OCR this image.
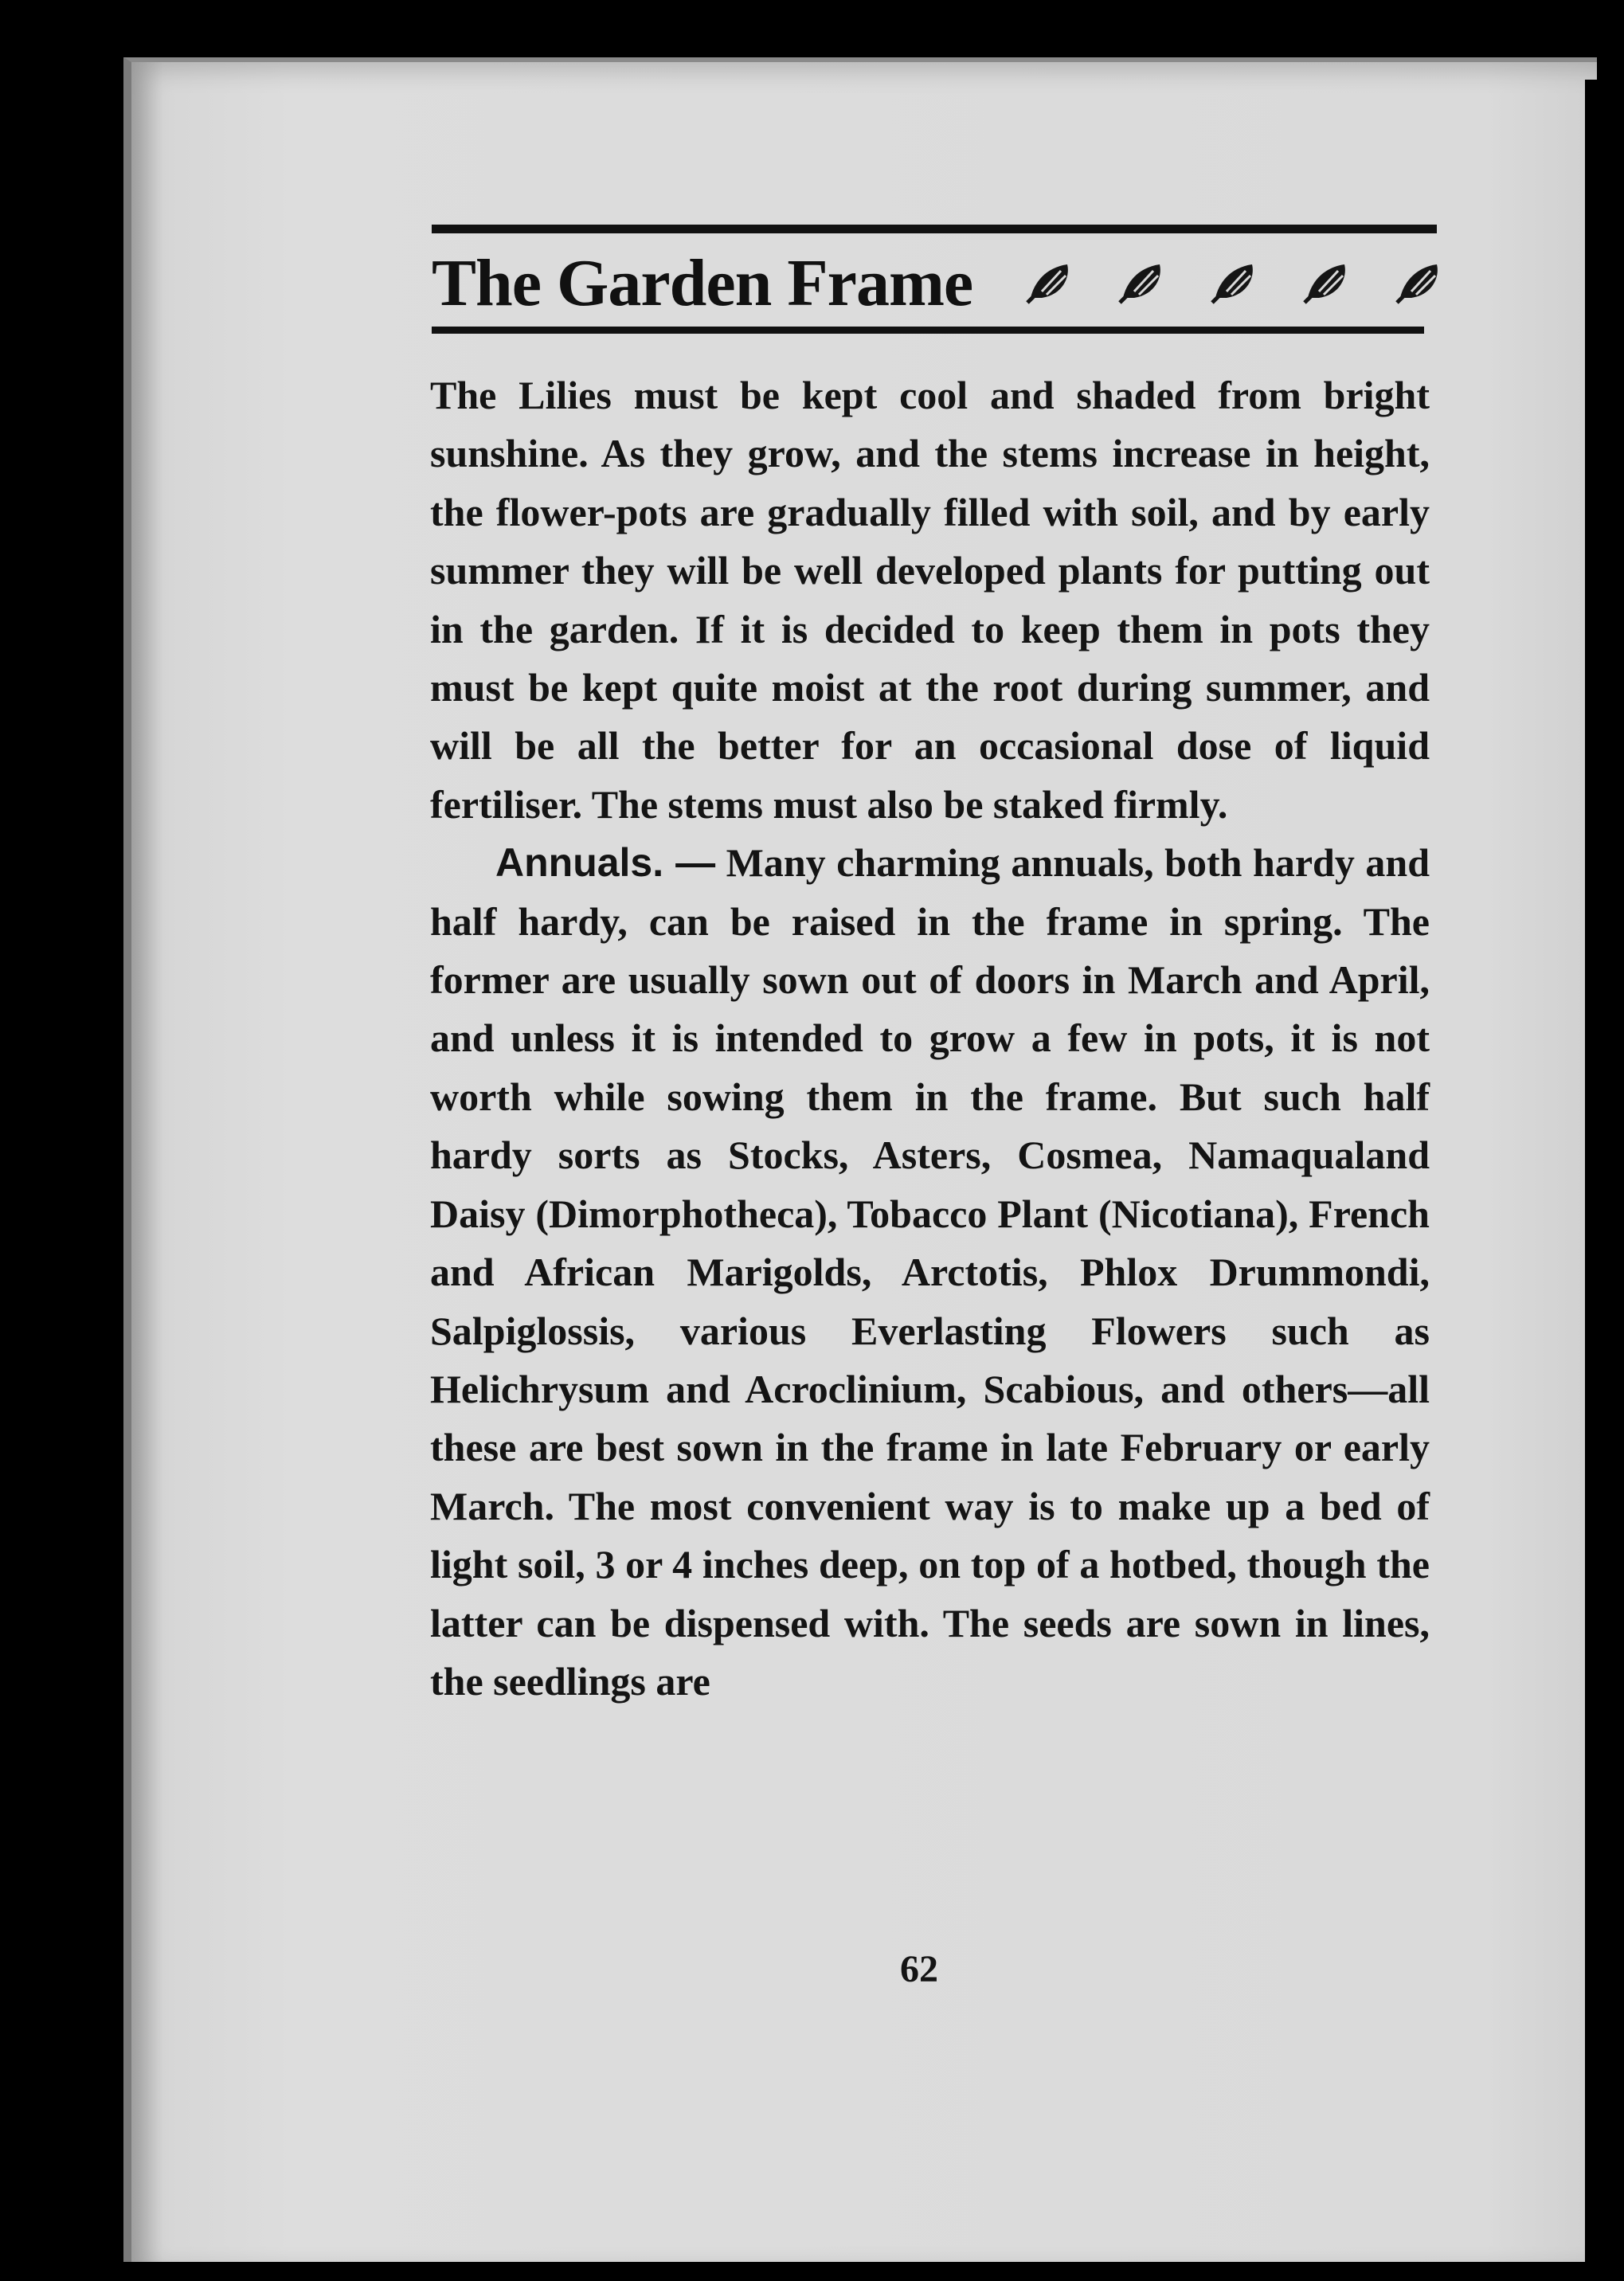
The Garden Frame

The Lilies must be kept cool and shaded from bright sunshine. As they grow, and the stems increase in height, the flower-pots are gradually filled with soil, and by early summer they will be well developed plants for putting out in the garden. If it is decided to keep them in pots they must be kept quite moist at the root during summer, and will be all the better for an occasional dose of liquid fertiliser. The stems must also be staked firmly.

Annuals. — Many charming annuals, both hardy and half hardy, can be raised in the frame in spring. The former are usually sown out of doors in March and April, and unless it is intended to grow a few in pots, it is not worth while sowing them in the frame. But such half hardy sorts as Stocks, Asters, Cosmea, Namaqualand Daisy (Dimorphotheca), Tobacco Plant (Nicotiana), French and African Marigolds, Arctotis, Phlox Drummondi, Salpiglossis, various Everlasting Flowers such as Helichrysum and Acroclinium, Scabious, and others—all these are best sown in the frame in late February or early March. The most convenient way is to make up a bed of light soil, 3 or 4 inches deep, on top of a hotbed, though the latter can be dispensed with. The seeds are sown in lines, the seedlings are

62
